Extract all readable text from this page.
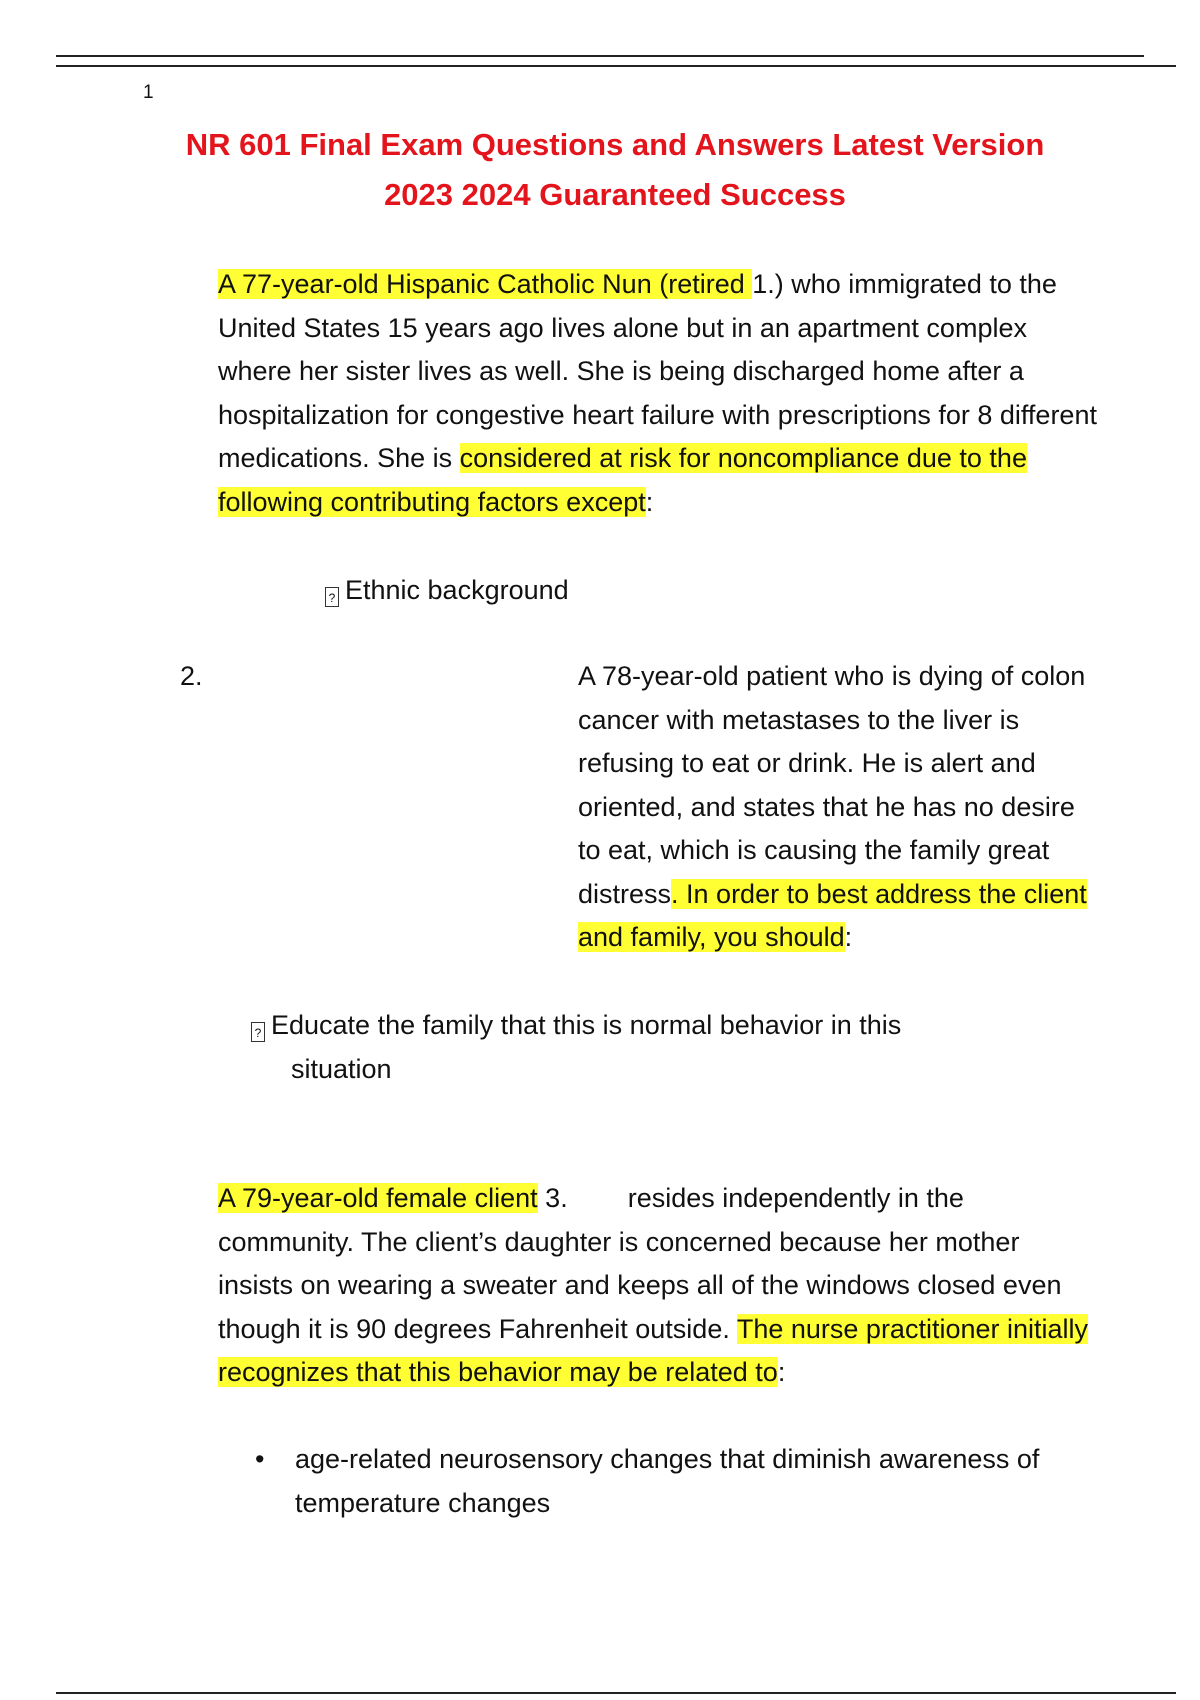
1
NR 601 Final Exam Questions and Answers Latest Version 2023 2024 Guaranteed Success
A 77-year-old Hispanic Catholic Nun (retired 1.) who immigrated to the United States 15 years ago lives alone but in an apartment complex where her sister lives as well. She is being discharged home after a hospitalization for congestive heart failure with prescriptions for 8 different medications. She is considered at risk for noncompliance due to the following contributing factors except:
? Ethnic background
2.	A 78-year-old patient who is dying of colon cancer with metastases to the liver is refusing to eat or drink. He is alert and oriented, and states that he has no desire to eat, which is causing the family great distress. In order to best address the client and family, you should:
? Educate the family that this is normal behavior in this
situation
A 79-year-old female client 3.        resides independently in the community. The client’s daughter is concerned because her mother insists on wearing a sweater and keeps all of the windows closed even though it is 90 degrees Fahrenheit outside. The nurse practitioner initially recognizes that this behavior may be related to:
•	age-related neurosensory changes that diminish awareness of temperature changes
